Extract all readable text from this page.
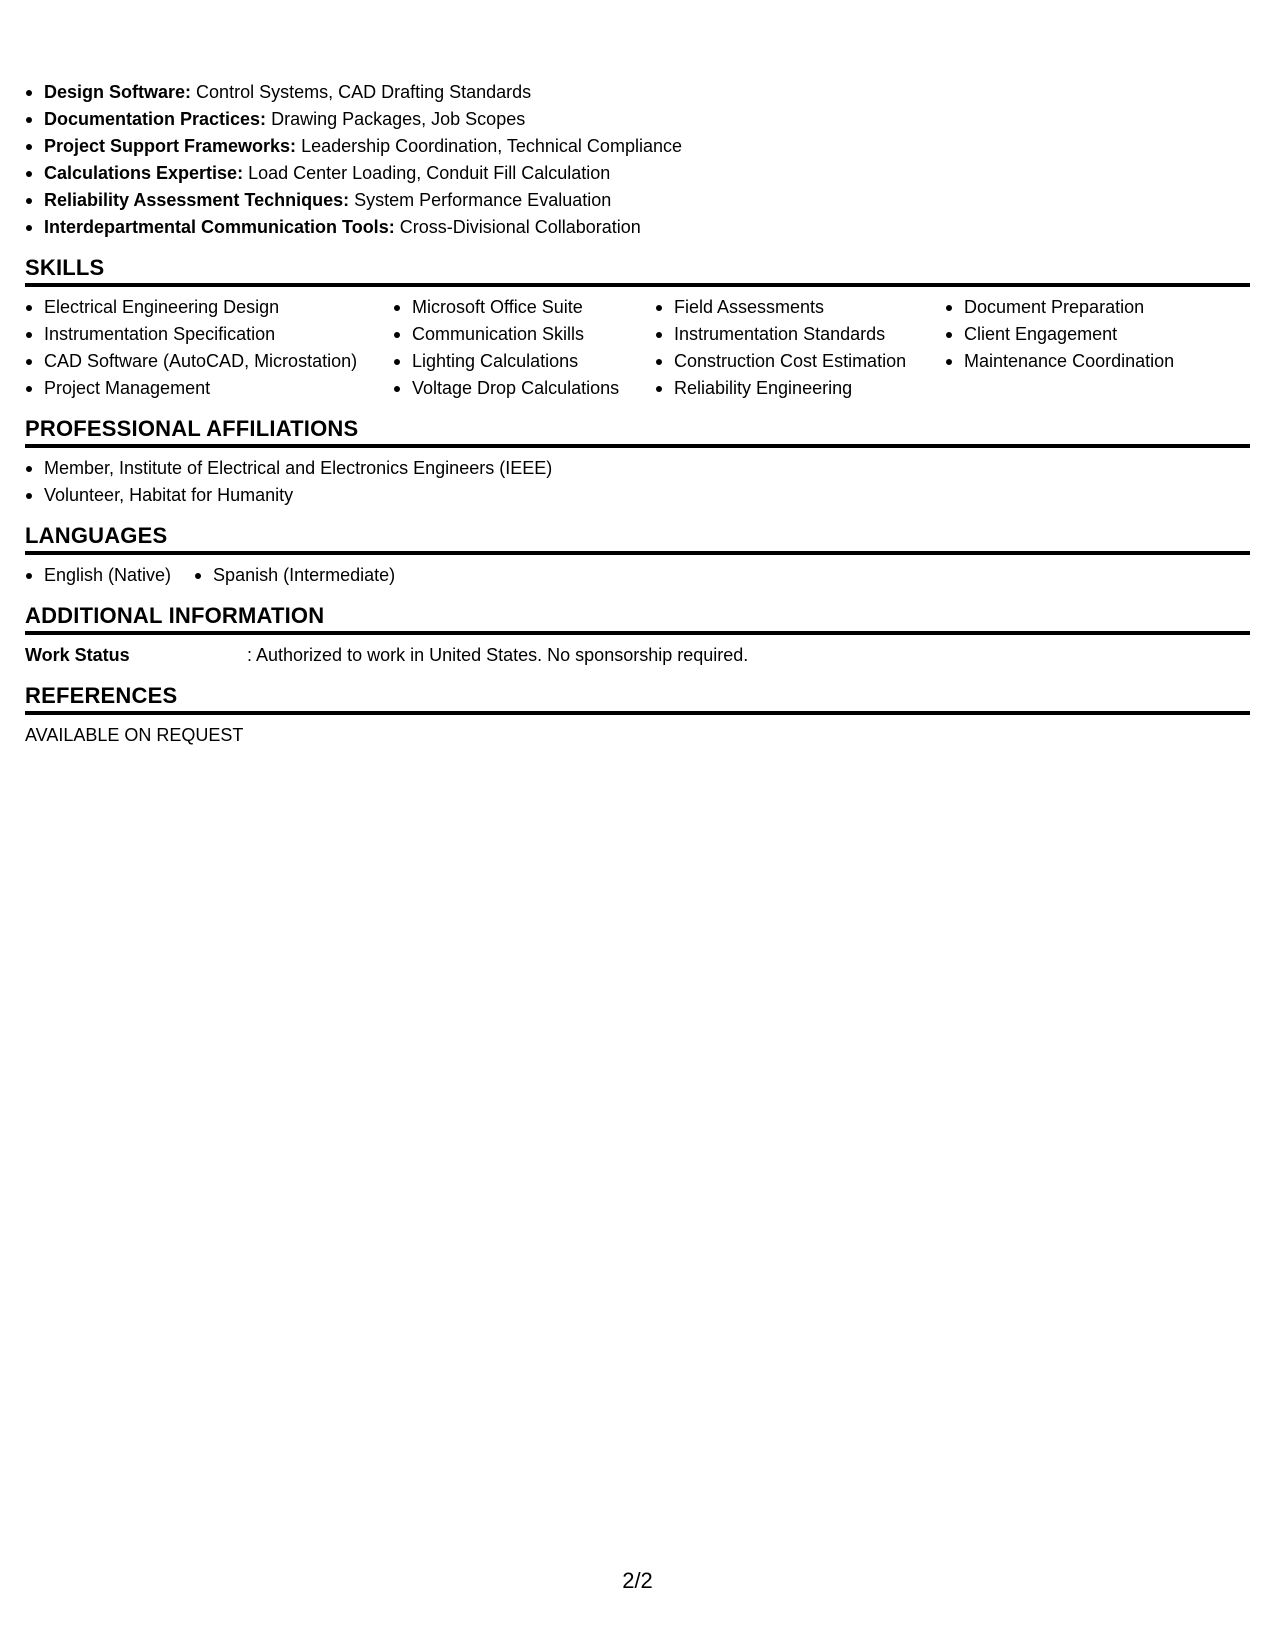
Design Software: Control Systems, CAD Drafting Standards
Documentation Practices: Drawing Packages, Job Scopes
Project Support Frameworks: Leadership Coordination, Technical Compliance
Calculations Expertise: Load Center Loading, Conduit Fill Calculation
Reliability Assessment Techniques: System Performance Evaluation
Interdepartmental Communication Tools: Cross-Divisional Collaboration
SKILLS
Electrical Engineering Design
Instrumentation Specification
CAD Software (AutoCAD, Microstation)
Project Management
Microsoft Office Suite
Communication Skills
Lighting Calculations
Voltage Drop Calculations
Field Assessments
Instrumentation Standards
Construction Cost Estimation
Reliability Engineering
Document Preparation
Client Engagement
Maintenance Coordination
PROFESSIONAL AFFILIATIONS
Member, Institute of Electrical and Electronics Engineers (IEEE)
Volunteer, Habitat for Humanity
LANGUAGES
English (Native)	Spanish (Intermediate)
ADDITIONAL INFORMATION
Work Status	: Authorized to work in United States. No sponsorship required.
REFERENCES
AVAILABLE ON REQUEST
2/2
